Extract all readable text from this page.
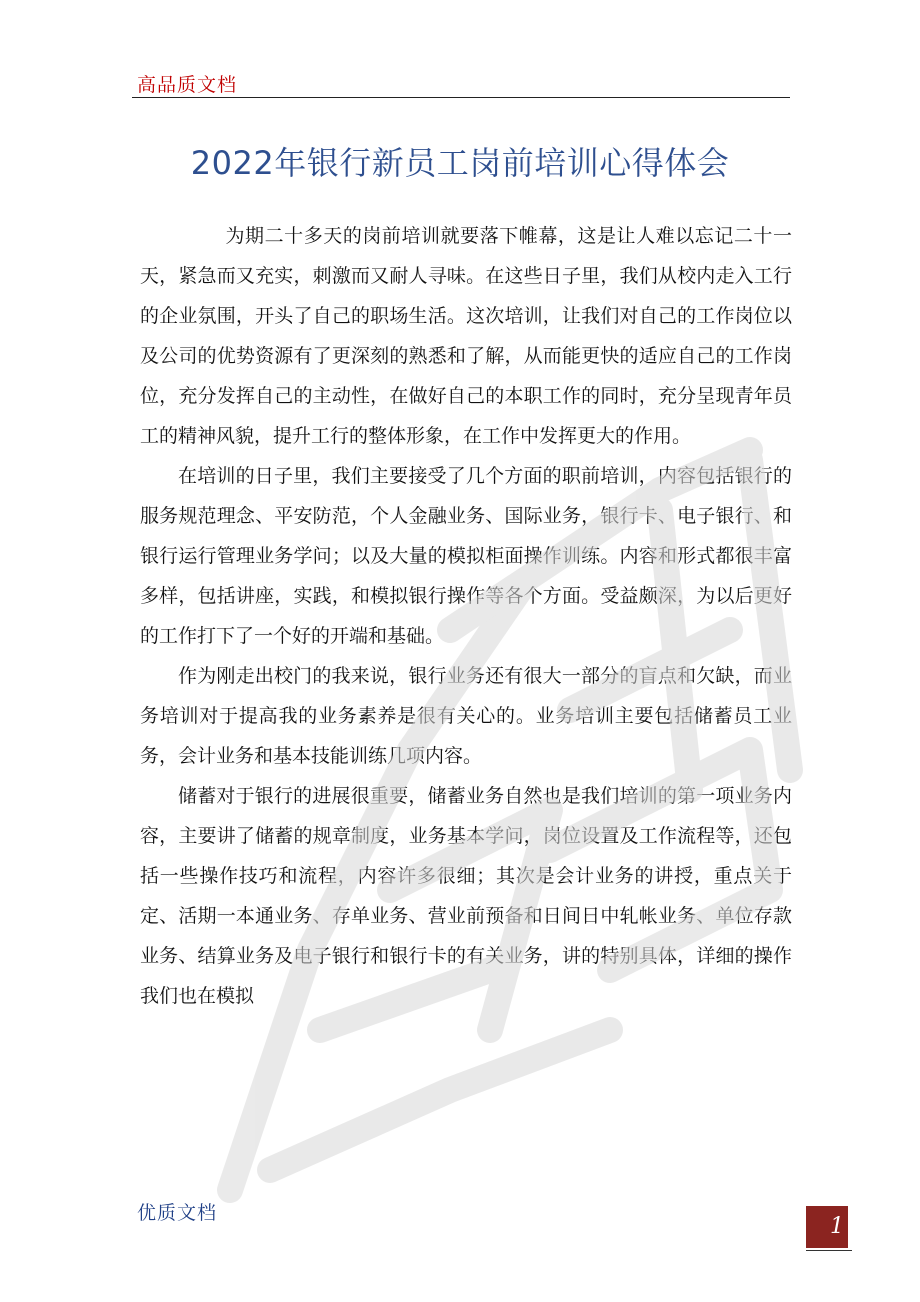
高品质文档
2022年银行新员工岗前培训心得体会

为期二十多天的岗前培训就要落下帷幕，这是让人难以忘记二十一天，紧急而又充实，刺激而又耐人寻味。在这些日子里，我们从校内走入工行的企业氛围，开头了自己的职场生活。这次培训，让我们对自己的工作岗位以及公司的优势资源有了更深刻的熟悉和了解，从而能更快的适应自己的工作岗位，充分发挥自己的主动性，在做好自己的本职工作的同时，充分呈现青年员工的精神风貌，提升工行的整体形象，在工作中发挥更大的作用。

在培训的日子里，我们主要接受了几个方面的职前培训，内容包括银行的服务规范理念、平安防范，个人金融业务、国际业务，银行卡、电子银行、和银行运行管理业务学问；以及大量的模拟柜面操作训练。内容和形式都很丰富多样，包括讲座，实践，和模拟银行操作等各个方面。受益颇深，为以后更好的工作打下了一个好的开端和基础。

作为刚走出校门的我来说，银行业务还有很大一部分的盲点和欠缺，而业务培训对于提高我的业务素养是很有关心的。业务培训主要包括储蓄员工业务，会计业务和基本技能训练几项内容。

储蓄对于银行的进展很重要，储蓄业务自然也是我们培训的第一项业务内容，主要讲了储蓄的规章制度，业务基本学问，岗位设置及工作流程等，还包括一些操作技巧和流程，内容许多很细；其次是会计业务的讲授，重点关于定、活期一本通业务、存单业务、营业前预备和日间日中轧帐业务、单位存款业务、结算业务及电子银行和银行卡的有关业务，讲的特别具体，详细的操作我们也在模拟

优质文档
1
